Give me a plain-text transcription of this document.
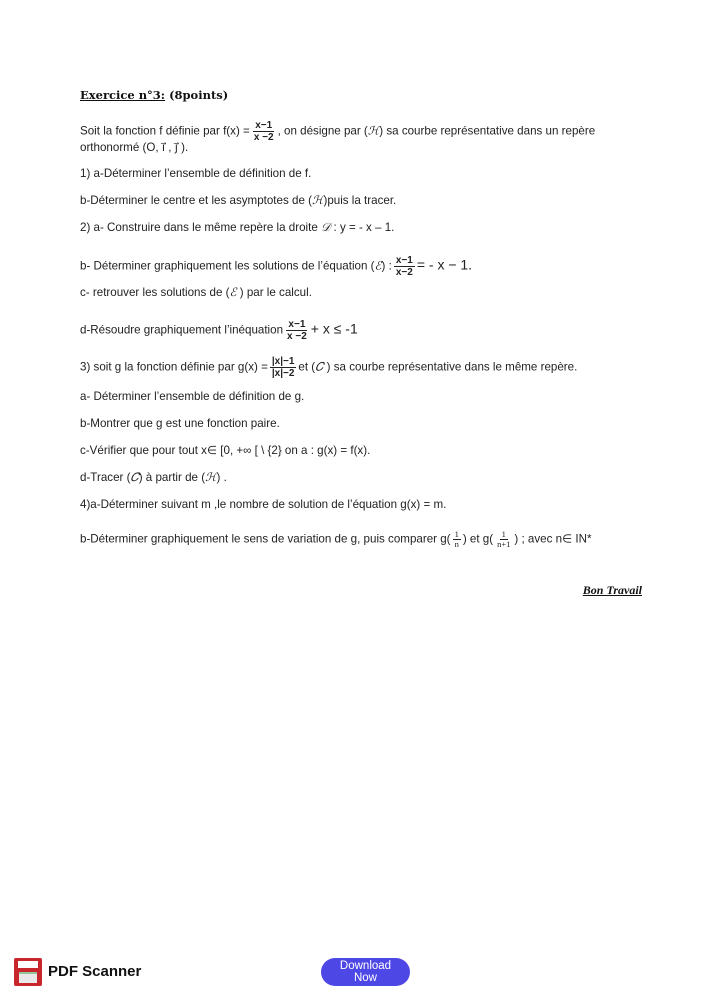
Exercice n°3: (8points)
Soit la fonction f définie par $f(x) = \frac{x-1}{x -2}$ , on désigne par (ℋ) sa courbe représentative dans un repère
orthonormé (O, i⃗ , j⃗ ).
1) a-Déterminer l’ensemble de définition de f.
b-Déterminer le centre et les asymptotes de (ℋ)puis la tracer.
2) a- Construire dans le même repère la droite 𝒟 : y = - x – 1.
b- Déterminer graphiquement les solutions de l’équation (ℰ) : $\frac{x-1}{x-2}$ = - x − 1.
c- retrouver les solutions de (ℰ ) par le calcul.
d-Résoudre graphiquement l’inéquation $\frac{x-1}{x -2} + x \le -1$
3) soit g la fonction définie par $g(x) = \frac{|x|-1}{|x|-2}$ et (𝐶 ) sa courbe représentative dans le même repère.
a- Déterminer l’ensemble de définition de g.
b-Montrer que g est une fonction paire.
c-Vérifier que pour tout x∈ [0, +∞ [ \ {2} on a : g(x) = f(x).
d-Tracer (𝐶) à partir de (ℋ) .
4)a-Déterminer suivant m ,le nombre de solution de l’équation g(x) = m.
b-Déterminer graphiquement le sens de variation de g, puis comparer $g( \frac{1}{n}$ ) et $g( \frac{1}{n+1}$ ) ; avec n∈ IN*
Bon Travail
PDF Scanner	Download Now
